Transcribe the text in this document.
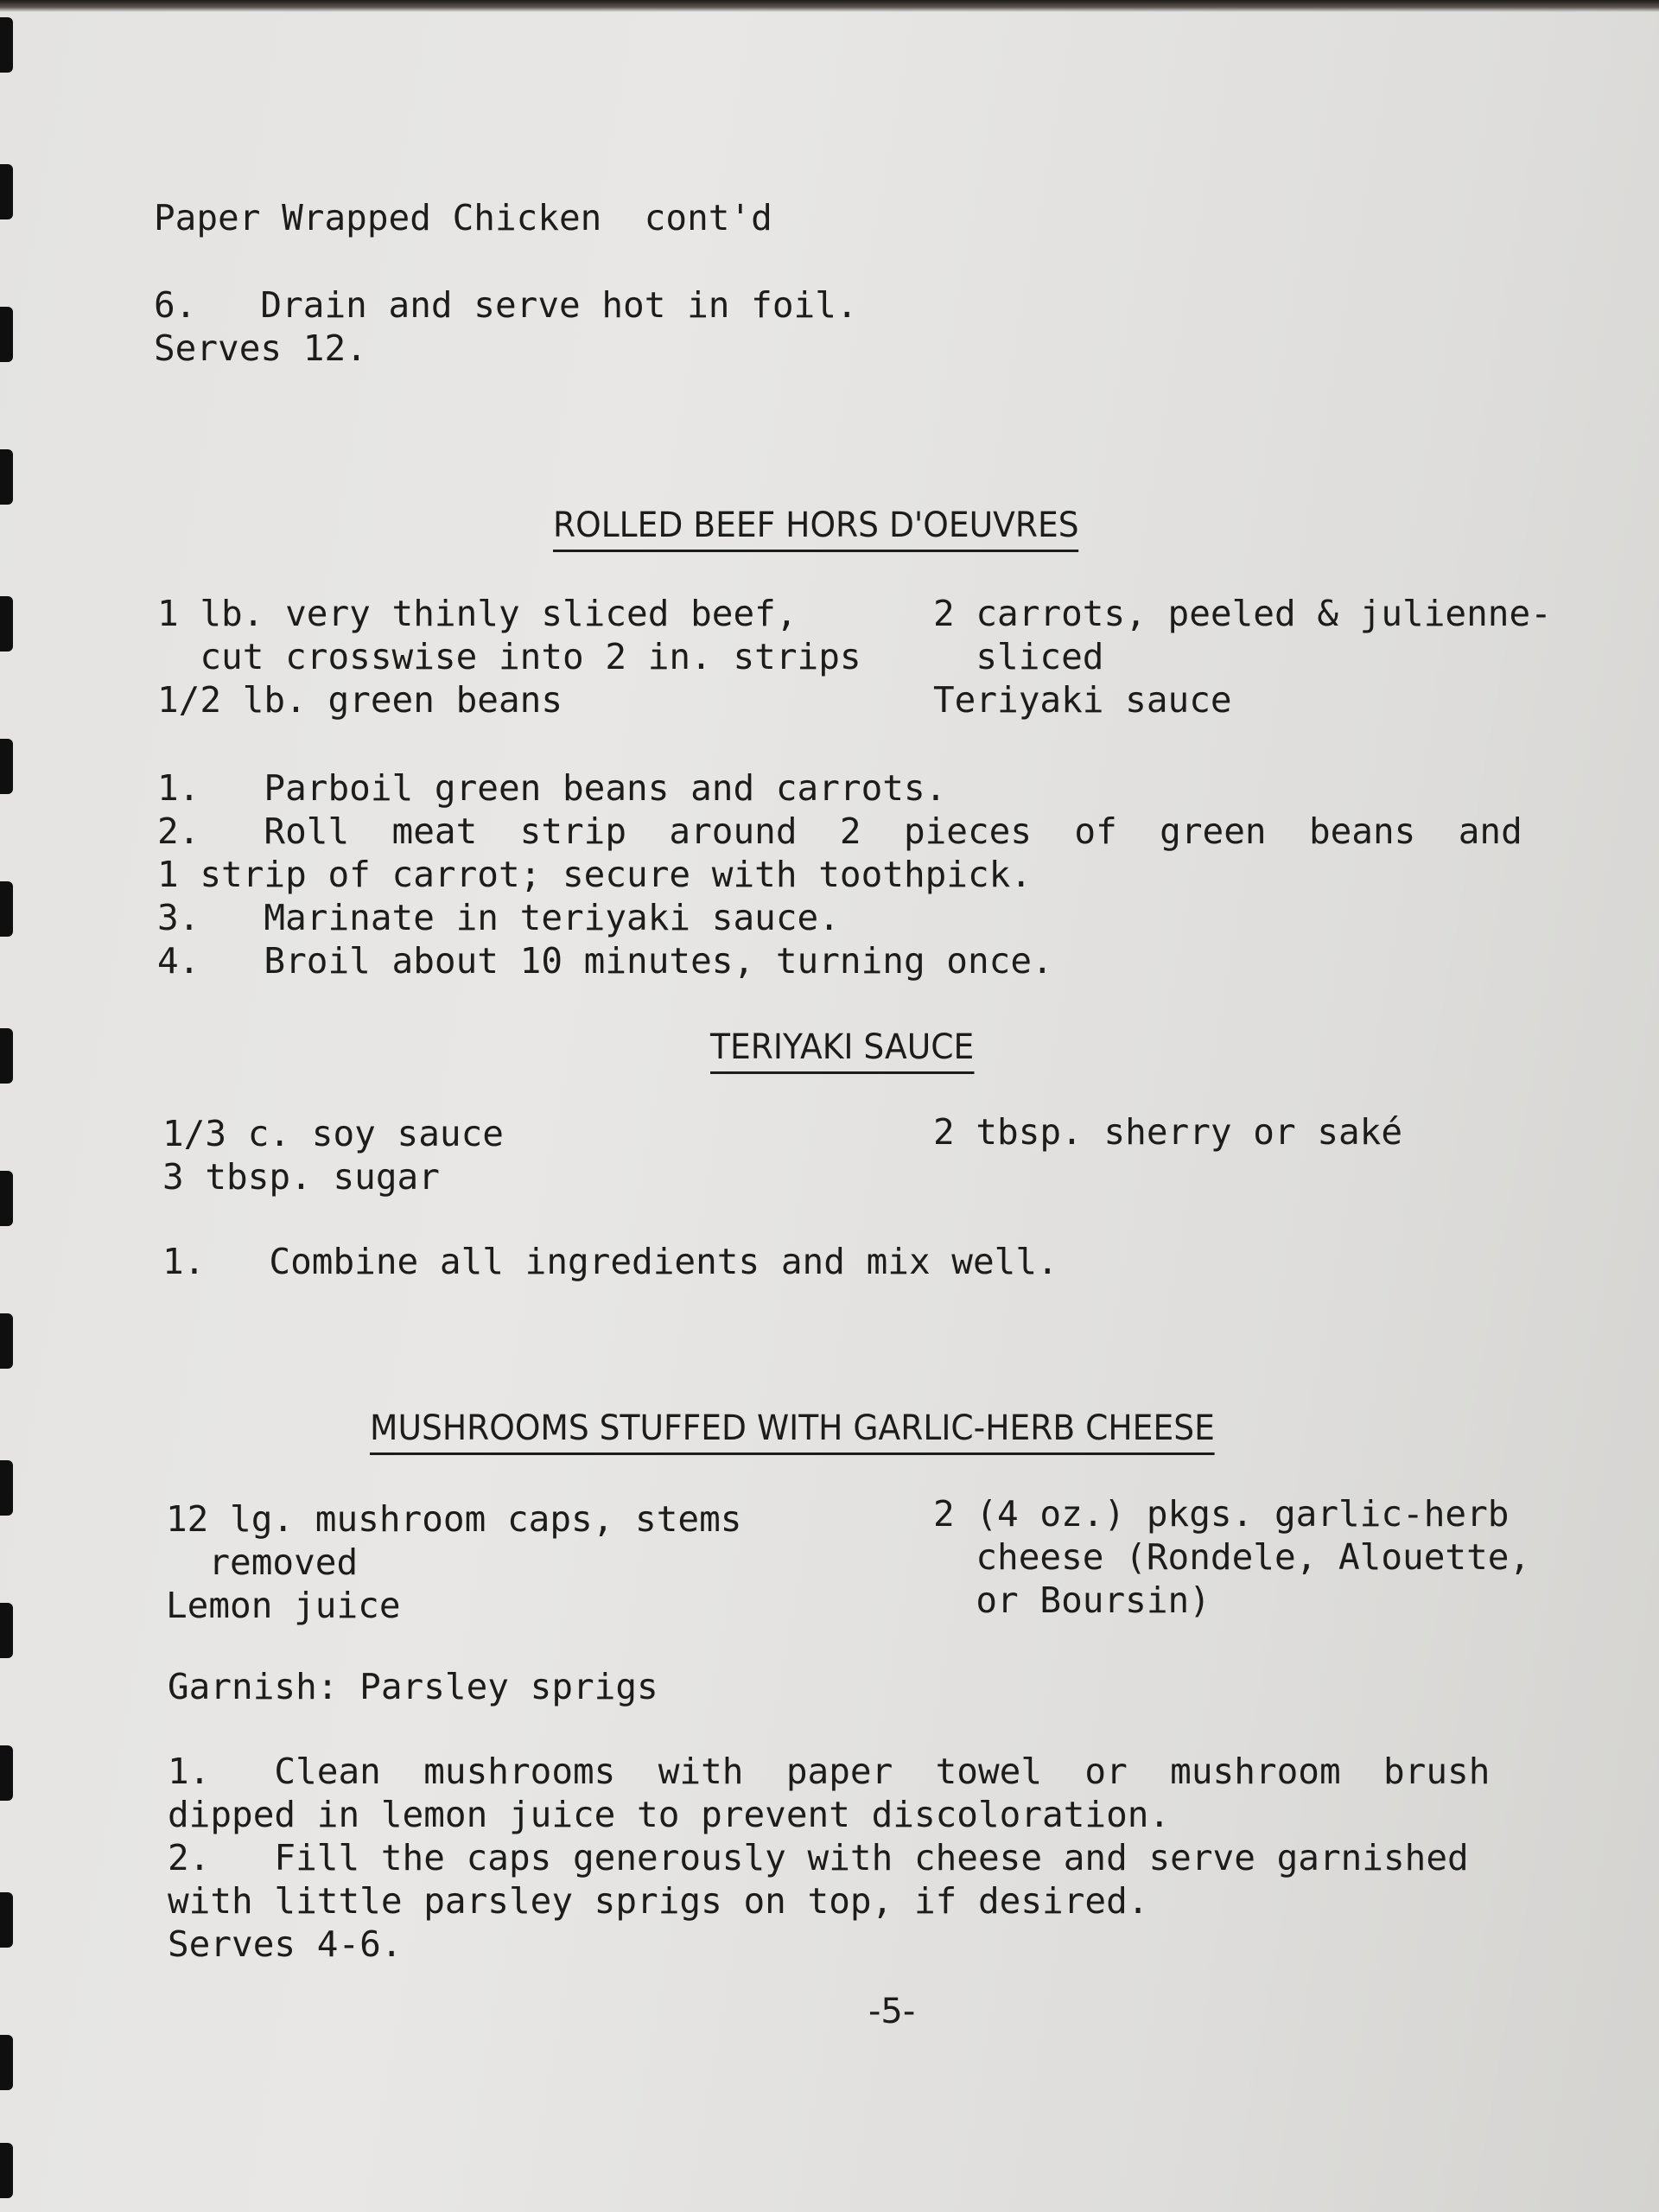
Paper Wrapped Chicken  cont'd
6.   Drain and serve hot in foil.
Serves 12.
ROLLED BEEF HORS D'OEUVRES
1 lb. very thinly sliced beef,
cut crosswise into 2 in. strips
1/2 lb. green beans
2 carrots, peeled & julienne-
sliced
Teriyaki sauce
1.   Parboil green beans and carrots.
2.   Roll  meat  strip  around  2  pieces  of  green  beans  and
1 strip of carrot; secure with toothpick.
3.   Marinate in teriyaki sauce.
4.   Broil about 10 minutes, turning once.
TERIYAKI SAUCE
1/3 c. soy sauce
3 tbsp. sugar
2 tbsp. sherry or saké
1.   Combine all ingredients and mix well.
MUSHROOMS STUFFED WITH GARLIC-HERB CHEESE
12 lg. mushroom caps, stems
removed
Lemon juice
2 (4 oz.) pkgs. garlic-herb
cheese (Rondele, Alouette,
or Boursin)
Garnish: Parsley sprigs
1.   Clean  mushrooms  with  paper  towel  or  mushroom  brush
dipped in lemon juice to prevent discoloration.
2.   Fill the caps generously with cheese and serve garnished
with little parsley sprigs on top, if desired.
Serves 4-6.
-5-
